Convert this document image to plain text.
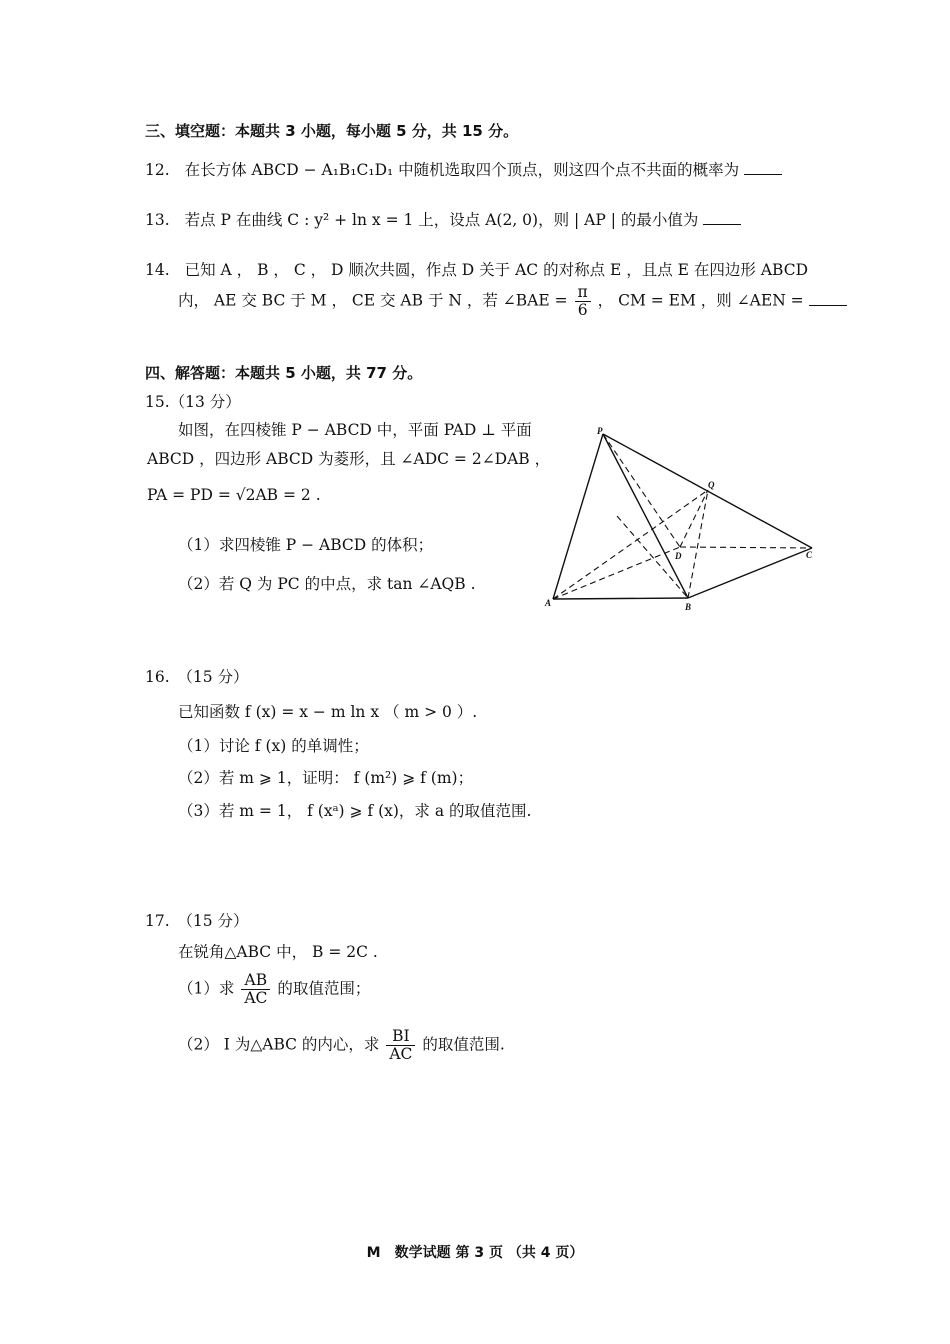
三、填空题：本题共 3 小题，每小题 5 分，共 15 分。
12. 在长方体 ABCD − A₁B₁C₁D₁ 中随机选取四个顶点，则这四个点不共面的概率为
13. 若点 P 在曲线 C : y² + ln x = 1 上，设点 A(2, 0)，则 | AP | 的最小值为
14. 已知 A ， B ， C ， D 顺次共圆，作点 D 关于 AC 的对称点 E ，且点 E 在四边形 ABCD
内， AE 交 BC 于 M ， CE 交 AB 于 N ，若 ∠BAE = $\frac{\pi}{6}$ ， CM = EM ，则 ∠AEN =
四、解答题：本题共 5 小题，共 77 分。
15.（13 分）
如图，在四棱锥 P − ABCD 中，平面 PAD ⊥ 平面
ABCD ，四边形 ABCD 为菱形，且 ∠ADC = 2∠DAB ，
PA = PD = √2AB = 2 .
（1）求四棱锥 P − ABCD 的体积；
（2）若 Q 为 PC 的中点，求 tan ∠AQB .
P
Q
D	C
A	B
16.　（15 分）
已知函数 f (x) = x − m ln x （ m > 0 ）.
（1）讨论 f (x) 的单调性；
（2）若 m ⩾ 1，证明： f (m²) ⩾ f (m)；
（3）若 m = 1， f (xᵃ) ⩾ f (x)，求 a 的取值范围.
17.　（15 分）
在锐角△ABC 中， B = 2C .
（1）求 $\frac{AB}{AC}$ 的取值范围；
（2） I 为△ABC 的内心，求 $\frac{BI}{AC}$ 的取值范围.
M　数学试题 第 3 页 （共 4 页）
